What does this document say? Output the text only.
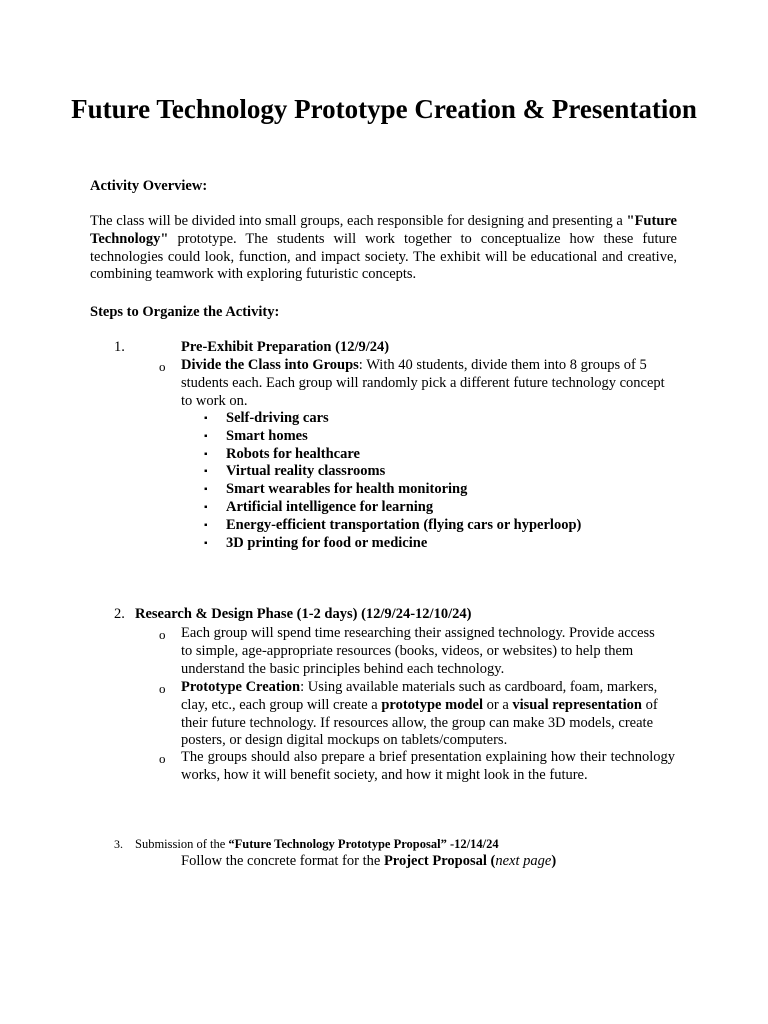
Future Technology Prototype Creation & Presentation
Activity Overview:
The class will be divided into small groups, each responsible for designing and presenting a "Future Technology" prototype. The students will work together to conceptualize how these future technologies could look, function, and impact society. The exhibit will be educational and creative, combining teamwork with exploring futuristic concepts.
Steps to Organize the Activity:
1.	Pre-Exhibit Preparation (12/9/24)
o Divide the Class into Groups: With 40 students, divide them into 8 groups of 5 students each. Each group will randomly pick a different future technology concept to work on.
▪ Self-driving cars
▪ Smart homes
▪ Robots for healthcare
▪ Virtual reality classrooms
▪ Smart wearables for health monitoring
▪ Artificial intelligence for learning
▪ Energy-efficient transportation (flying cars or hyperloop)
▪ 3D printing for food or medicine
2. Research & Design Phase (1-2 days) (12/9/24-12/10/24)
o Each group will spend time researching their assigned technology. Provide access to simple, age-appropriate resources (books, videos, or websites) to help them understand the basic principles behind each technology.
o Prototype Creation: Using available materials such as cardboard, foam, markers, clay, etc., each group will create a prototype model or a visual representation of their future technology. If resources allow, the group can make 3D models, create posters, or design digital mockups on tablets/computers.
o The groups should also prepare a brief presentation explaining how their technology works, how it will benefit society, and how it might look in the future.
3. Submission of the “Future Technology Prototype Proposal” -12/14/24
Follow the concrete format for the Project Proposal (next page)
